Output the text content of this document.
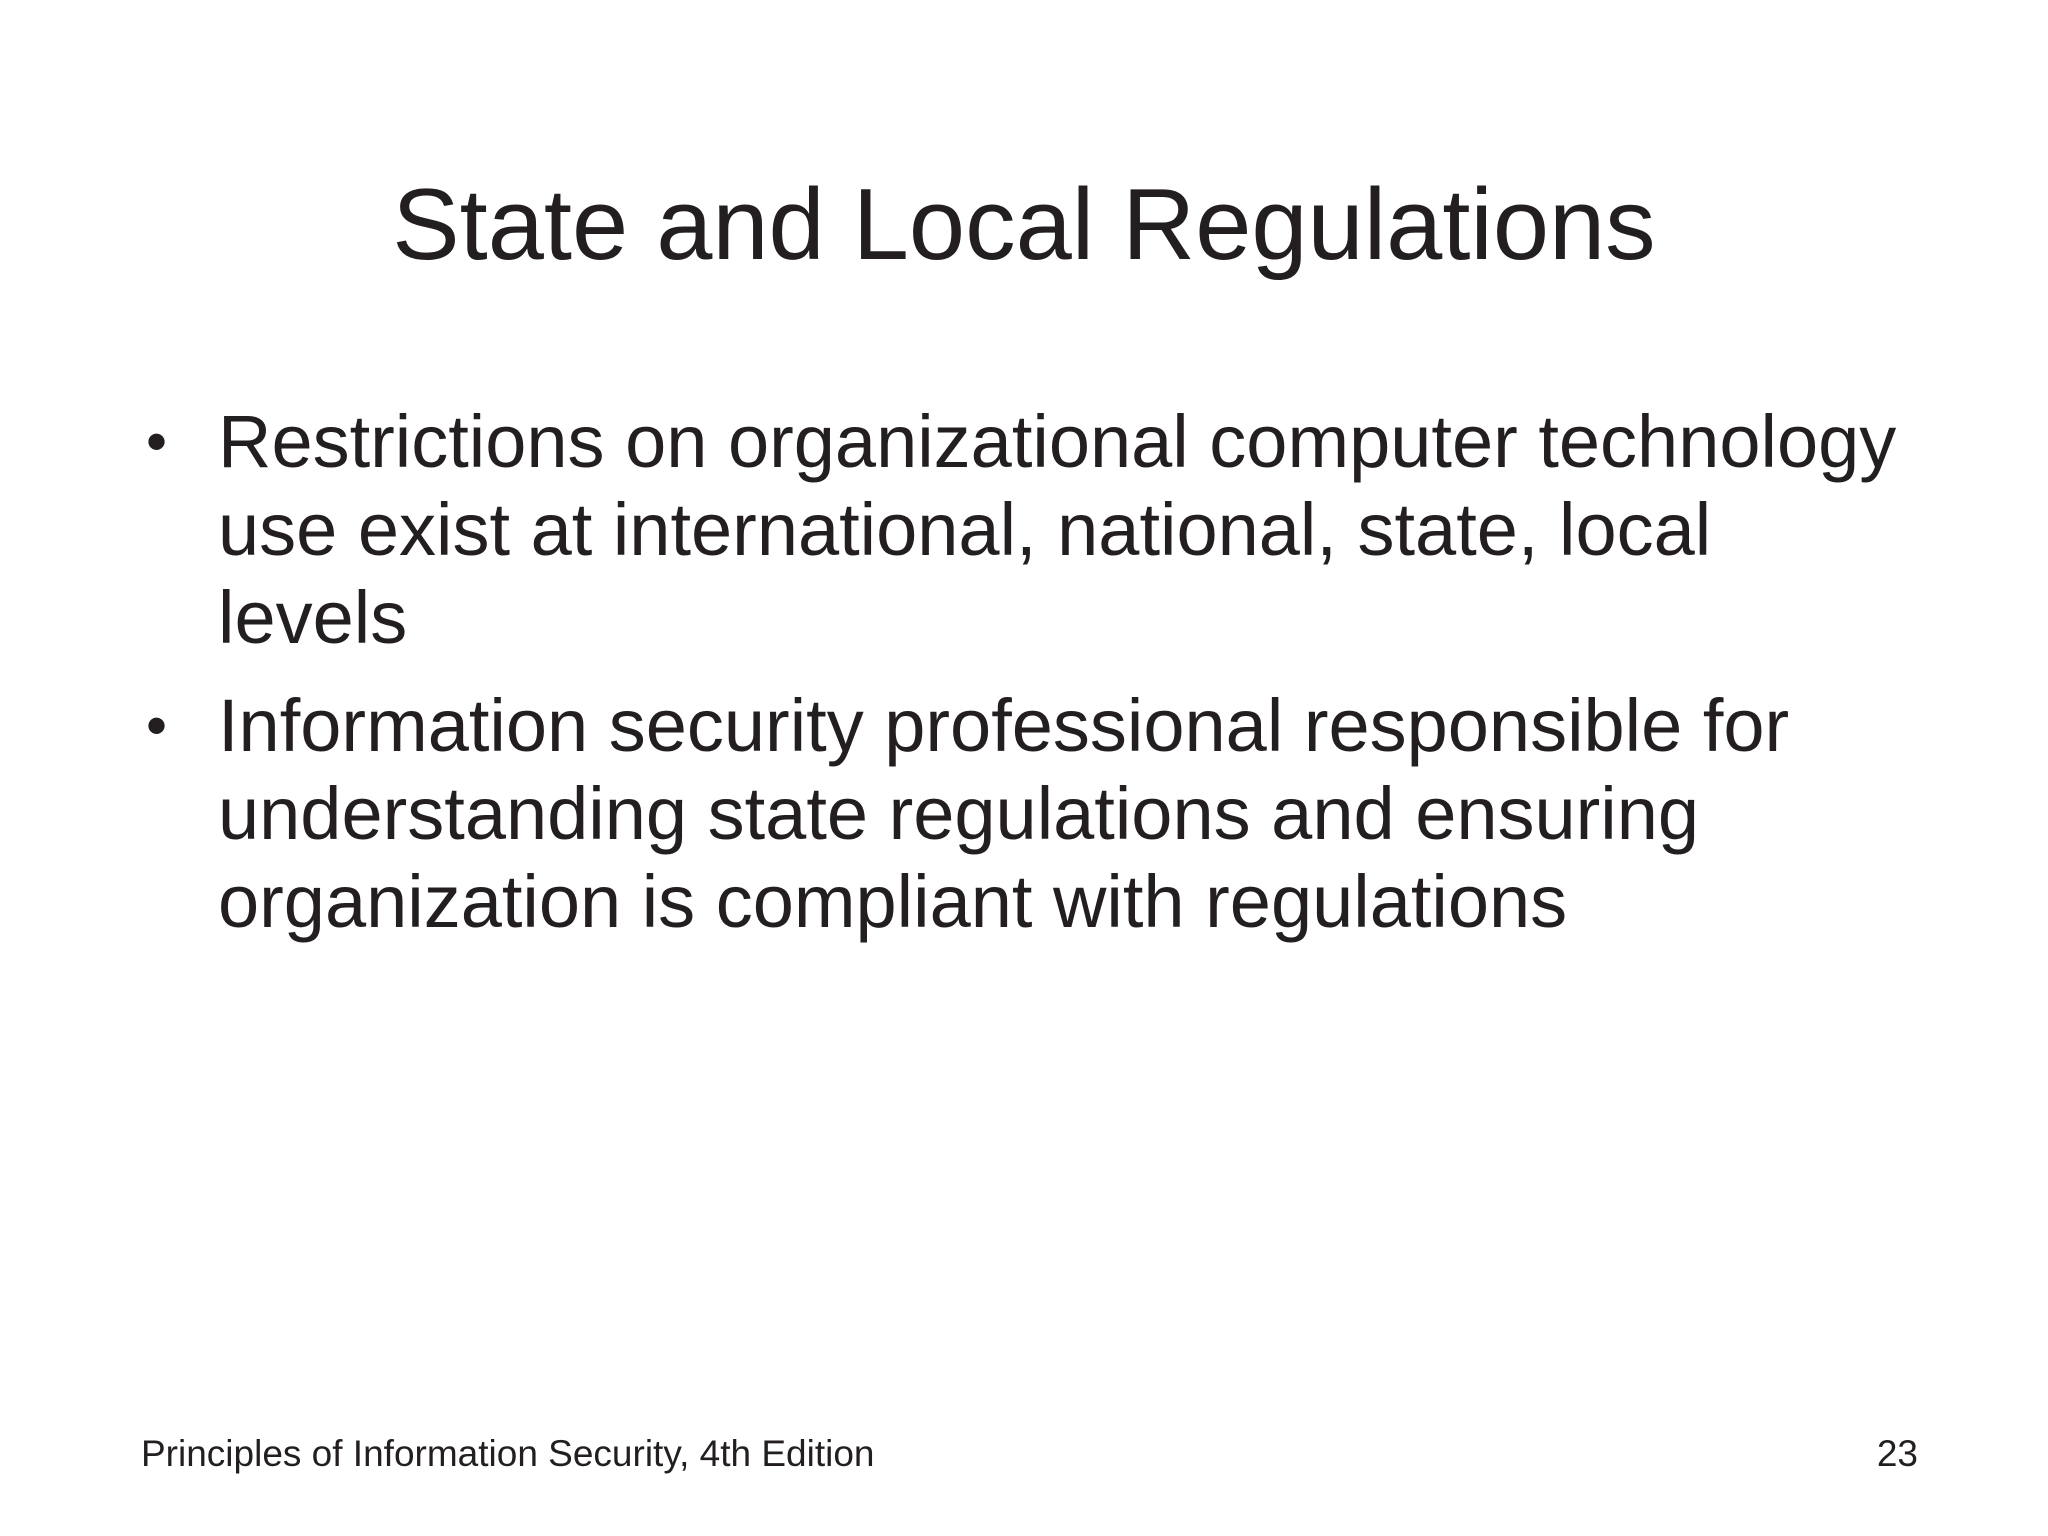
State and Local Regulations
• Restrictions on organizational computer technology use exist at international, national, state, local levels
• Information security professional responsible for understanding state regulations and ensuring organization is compliant with regulations
Principles of Information Security, 4th Edition	23
